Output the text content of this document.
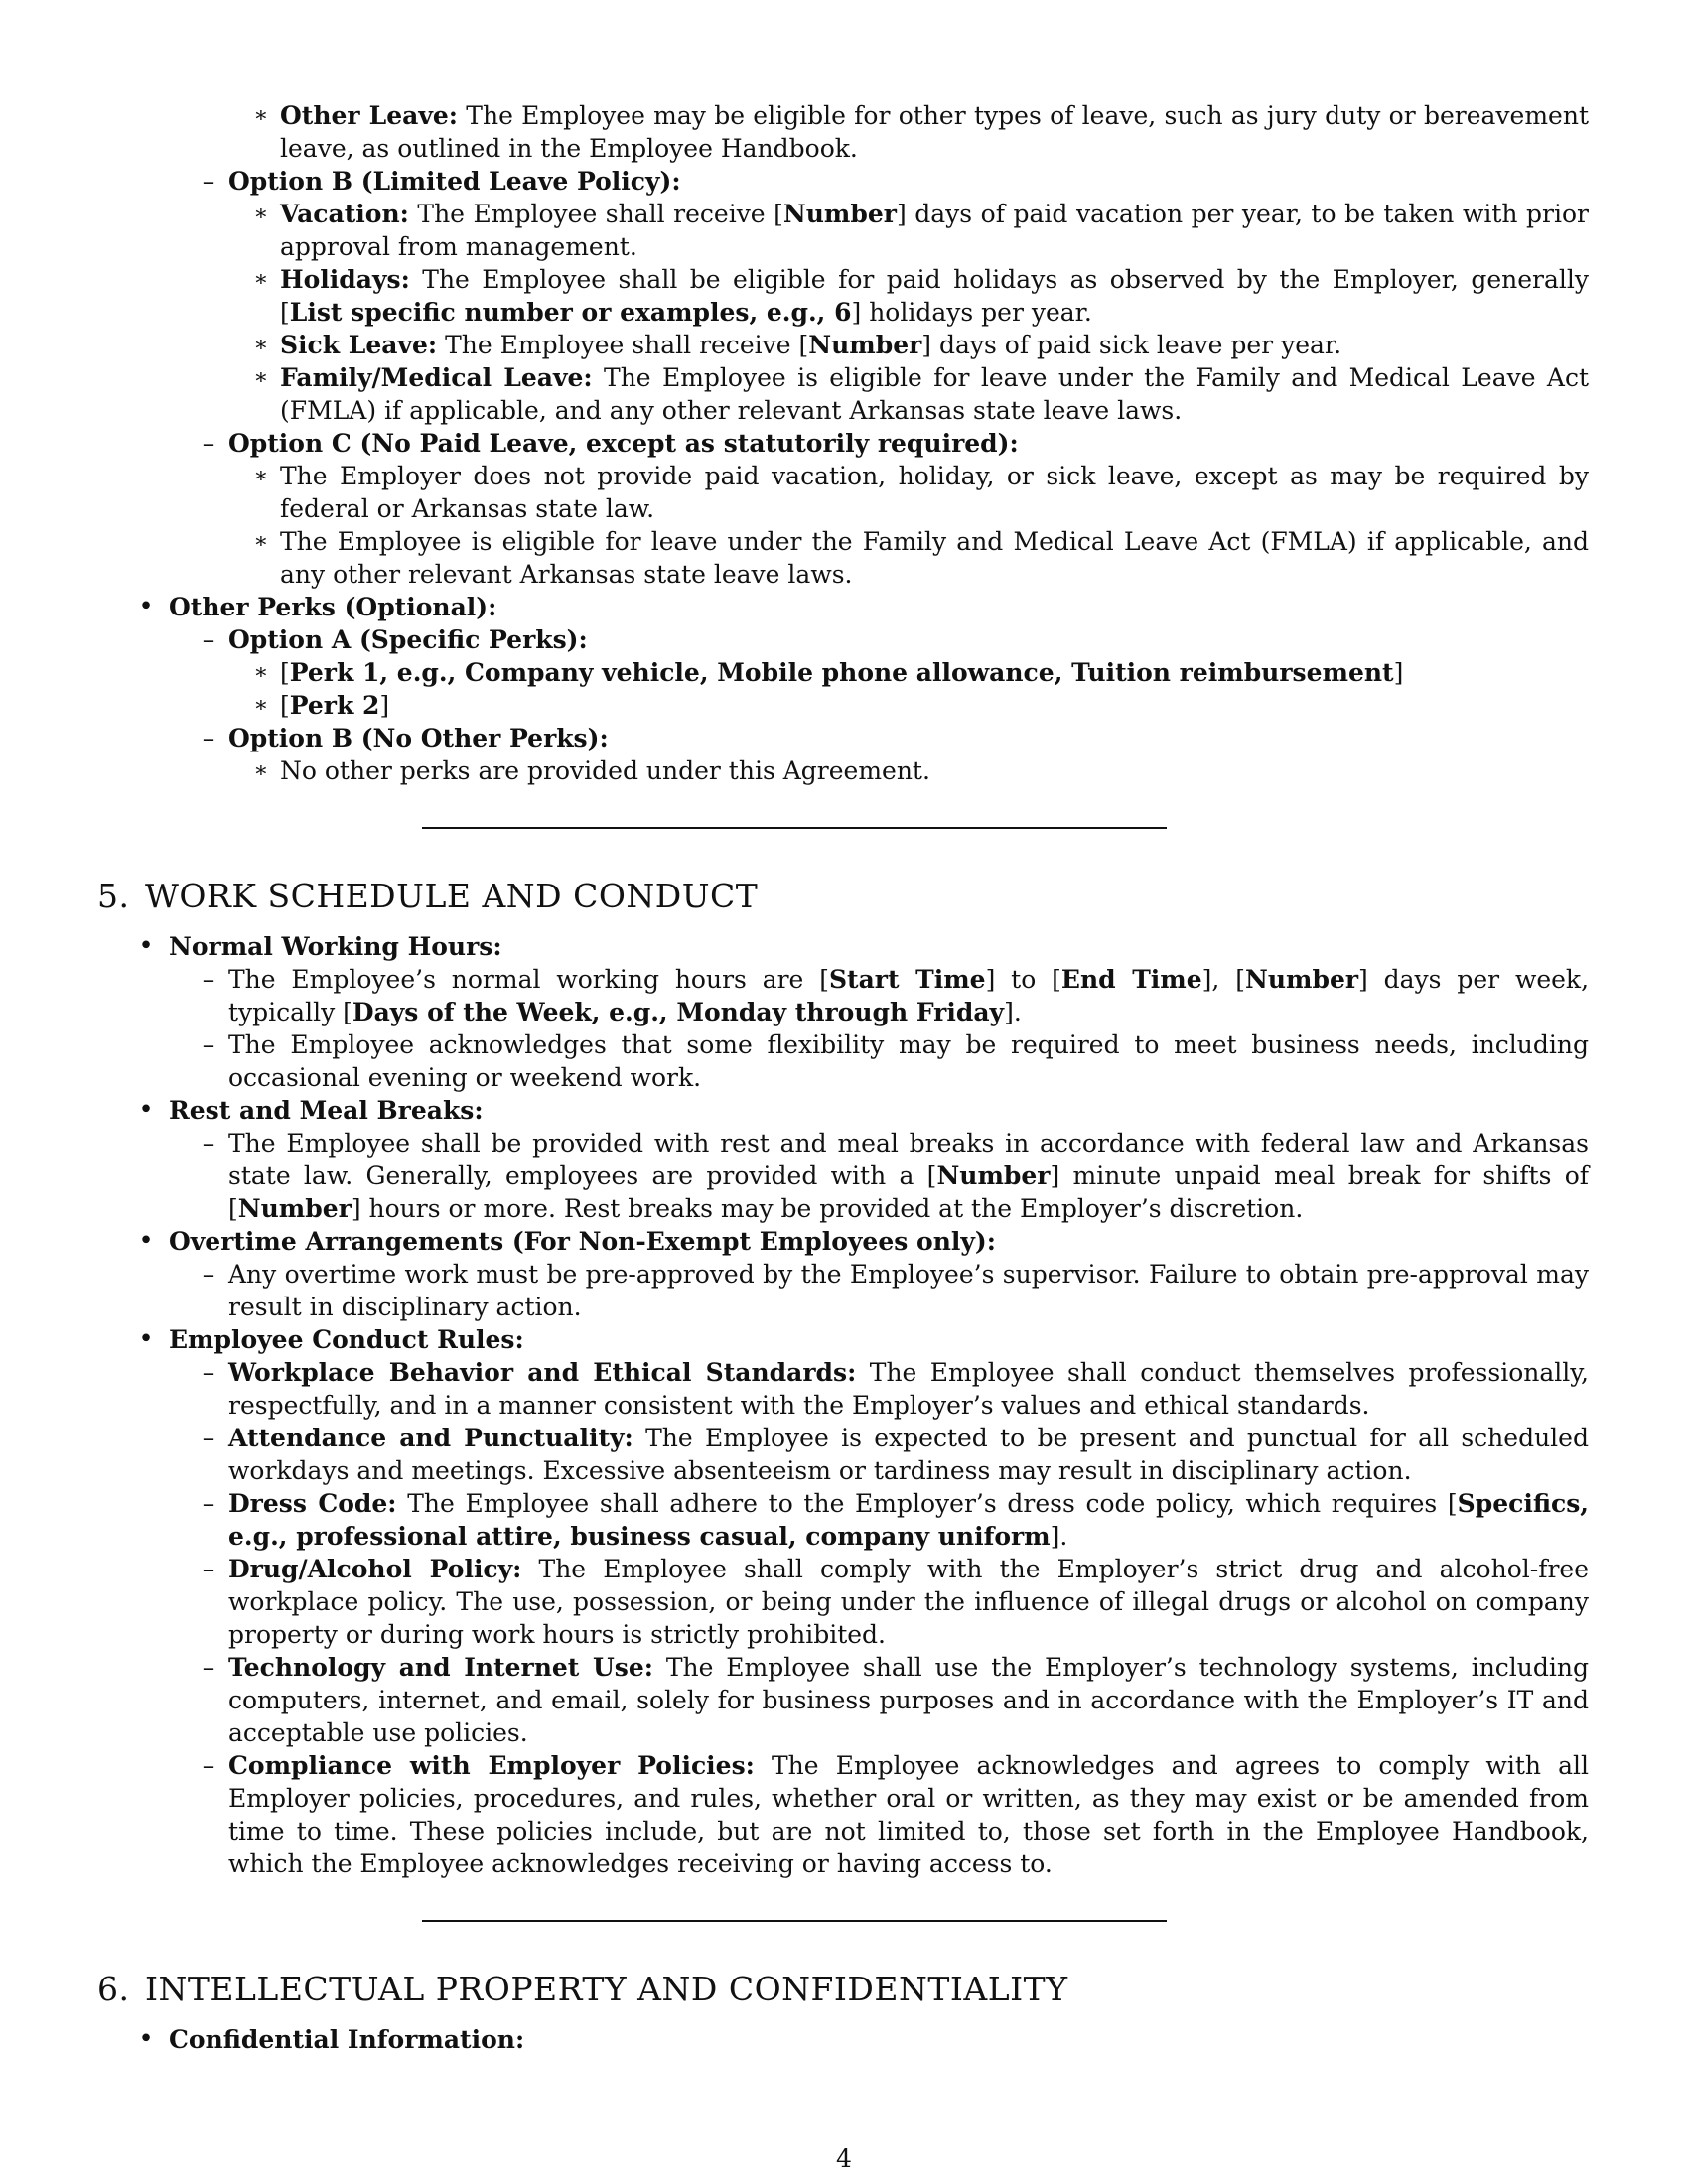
∗ Other Leave: The Employee may be eligible for other types of leave, such as jury duty or bereavement leave, as outlined in the Employee Handbook.
– Option B (Limited Leave Policy):
∗ Vacation: The Employee shall receive [Number] days of paid vacation per year, to be taken with prior approval from management.
∗ Holidays: The Employee shall be eligible for paid holidays as observed by the Employer, generally [List specific number or examples, e.g., 6] holidays per year.
∗ Sick Leave: The Employee shall receive [Number] days of paid sick leave per year.
∗ Family/Medical Leave: The Employee is eligible for leave under the Family and Medical Leave Act (FMLA) if applicable, and any other relevant Arkansas state leave laws.
– Option C (No Paid Leave, except as statutorily required):
∗ The Employer does not provide paid vacation, holiday, or sick leave, except as may be required by federal or Arkansas state law.
∗ The Employee is eligible for leave under the Family and Medical Leave Act (FMLA) if applicable, and any other relevant Arkansas state leave laws.
• Other Perks (Optional):
– Option A (Specific Perks):
∗ [Perk 1, e.g., Company vehicle, Mobile phone allowance, Tuition reimbursement]
∗ [Perk 2]
– Option B (No Other Perks):
∗ No other perks are provided under this Agreement.
5. WORK SCHEDULE AND CONDUCT
• Normal Working Hours:
– The Employee’s normal working hours are [Start Time] to [End Time], [Number] days per week, typically [Days of the Week, e.g., Monday through Friday].
– The Employee acknowledges that some flexibility may be required to meet business needs, including occasional evening or weekend work.
• Rest and Meal Breaks:
– The Employee shall be provided with rest and meal breaks in accordance with federal law and Arkansas state law. Generally, employees are provided with a [Number] minute unpaid meal break for shifts of [Number] hours or more. Rest breaks may be provided at the Employer’s discretion.
• Overtime Arrangements (For Non-Exempt Employees only):
– Any overtime work must be pre-approved by the Employee’s supervisor. Failure to obtain pre-approval may result in disciplinary action.
• Employee Conduct Rules:
– Workplace Behavior and Ethical Standards: The Employee shall conduct themselves professionally, respectfully, and in a manner consistent with the Employer’s values and ethical standards.
– Attendance and Punctuality: The Employee is expected to be present and punctual for all scheduled workdays and meetings. Excessive absenteeism or tardiness may result in disciplinary action.
– Dress Code: The Employee shall adhere to the Employer’s dress code policy, which requires [Specifics, e.g., professional attire, business casual, company uniform].
– Drug/Alcohol Policy: The Employee shall comply with the Employer’s strict drug and alcohol-free workplace policy. The use, possession, or being under the influence of illegal drugs or alcohol on company property or during work hours is strictly prohibited.
– Technology and Internet Use: The Employee shall use the Employer’s technology systems, including computers, internet, and email, solely for business purposes and in accordance with the Employer’s IT and acceptable use policies.
– Compliance with Employer Policies: The Employee acknowledges and agrees to comply with all Employer policies, procedures, and rules, whether oral or written, as they may exist or be amended from time to time. These policies include, but are not limited to, those set forth in the Employee Handbook, which the Employee acknowledges receiving or having access to.
6. INTELLECTUAL PROPERTY AND CONFIDENTIALITY
• Confidential Information:
4
